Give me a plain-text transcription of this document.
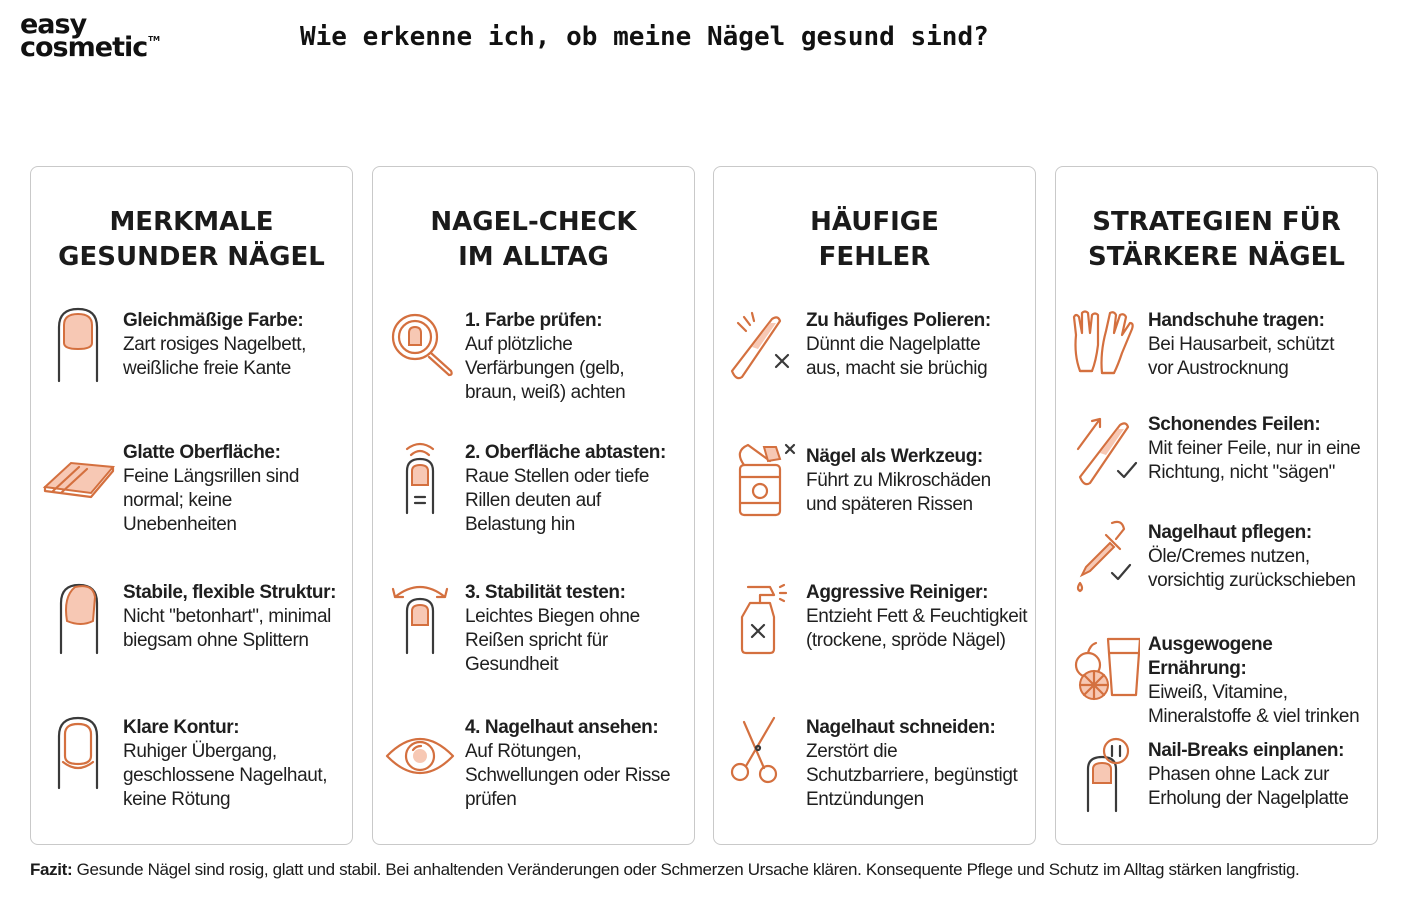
easy
cosmetic™	Wie erkenne ich, ob meine Nägel gesund sind?
MERKMALE
GESUNDER NÄGEL
Gleichmäßige Farbe:
Zart rosiges Nagelbett,
weißliche freie Kante
Glatte Oberfläche:
Feine Längsrillen sind
normal; keine
Unebenheiten
Stabile, flexible Struktur:
Nicht "betonhart", minimal
biegsam ohne Splittern
Klare Kontur:
Ruhiger Übergang,
geschlossene Nagelhaut,
keine Rötung
NAGEL-CHECK
IM ALLTAG
1. Farbe prüfen:
Auf plötzliche
Verfärbungen (gelb,
braun, weiß) achten
2. Oberfläche abtasten:
Raue Stellen oder tiefe
Rillen deuten auf
Belastung hin
3. Stabilität testen:
Leichtes Biegen ohne
Reißen spricht für
Gesundheit
4. Nagelhaut ansehen:
Auf Rötungen,
Schwellungen oder Risse
prüfen
HÄUFIGE
FEHLER
Zu häufiges Polieren:
Dünnt die Nagelplatte
aus, macht sie brüchig
Nägel als Werkzeug:
Führt zu Mikroschäden
und späteren Rissen
Aggressive Reiniger:
Entzieht Fett & Feuchtigkeit
(trockene, spröde Nägel)
Nagelhaut schneiden:
Zerstört die
Schutzbarriere, begünstigt
Entzündungen
STRATEGIEN FÜR
STÄRKERE NÄGEL
Handschuhe tragen:
Bei Hausarbeit, schützt
vor Austrocknung
Schonendes Feilen:
Mit feiner Feile, nur in eine
Richtung, nicht "sägen"
Nagelhaut pflegen:
Öle/Cremes nutzen,
vorsichtig zurückschieben
Ausgewogene Ernährung:
Eiweiß, Vitamine,
Mineralstoffe & viel trinken
Nail-Breaks einplanen:
Phasen ohne Lack zur
Erholung der Nagelplatte
Fazit: Gesunde Nägel sind rosig, glatt und stabil. Bei anhaltenden Veränderungen oder Schmerzen Ursache klären. Konsequente Pflege und Schutz im Alltag stärken langfristig.
